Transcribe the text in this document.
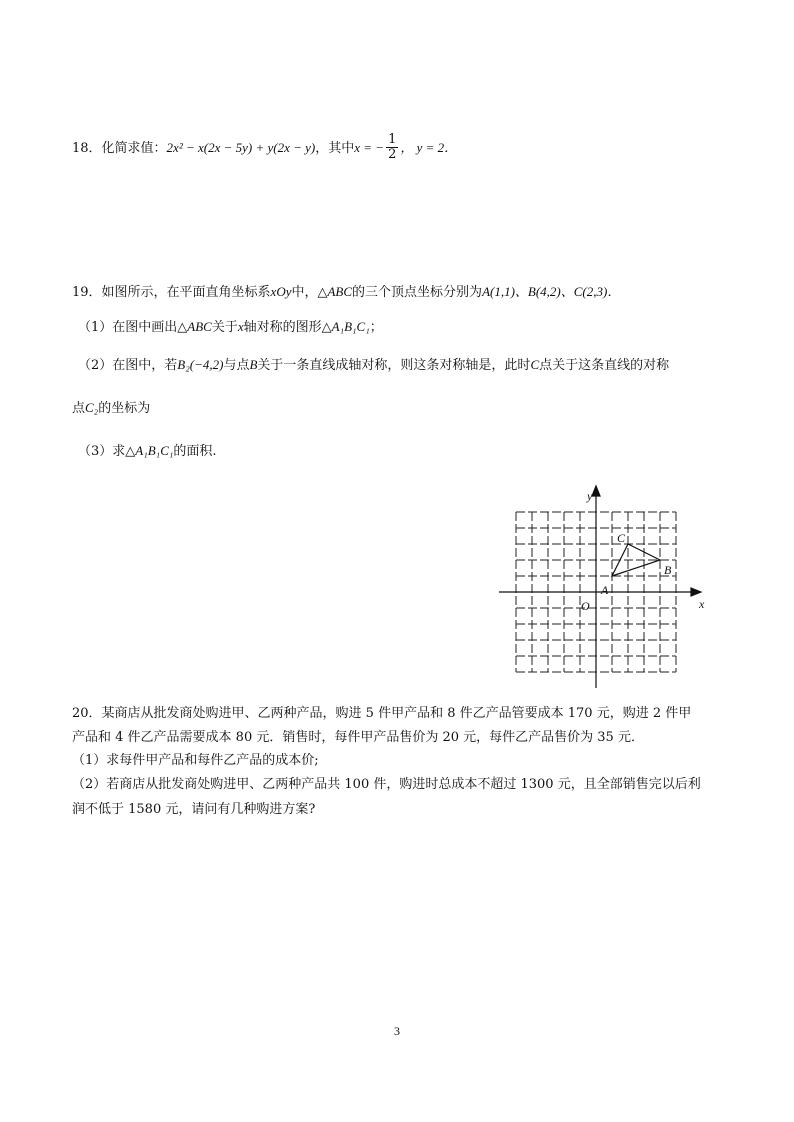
18．化简求值：2x² − x(2x − 5y) + y(2x − y)，其中x = − $\frac{1}{2}$ ， y = 2．
19．如图所示，在平面直角坐标系xOy中，△ABC的三个顶点坐标分别为A(1,1)、B(4,2)、C(2,3)．
（1）在图中画出△ABC关于x轴对称的图形△A₁B₁C₁；
（2）在图中，若B₂(−4,2)与点B关于一条直线成轴对称，则这条对称轴是，此时C点关于这条直线的对称
点C₂的坐标为
（3）求△A₁B₁C₁的面积.
y
x
O
A
B
C
20．某商店从批发商处购进甲、乙两种产品，购进 5 件甲产品和 8 件乙产品管要成本 170 元，购进 2 件甲
产品和 4 件乙产品需要成本 80 元．销售时，每件甲产品售价为 20 元，每件乙产品售价为 35 元．
（1）求每件甲产品和每件乙产品的成本价;
（2）若商店从批发商处购进甲、乙两种产品共 100 件，购进时总成本不超过 1300 元，且全部销售完以后利
润不低于 1580 元，请问有几种购进方案?
3
